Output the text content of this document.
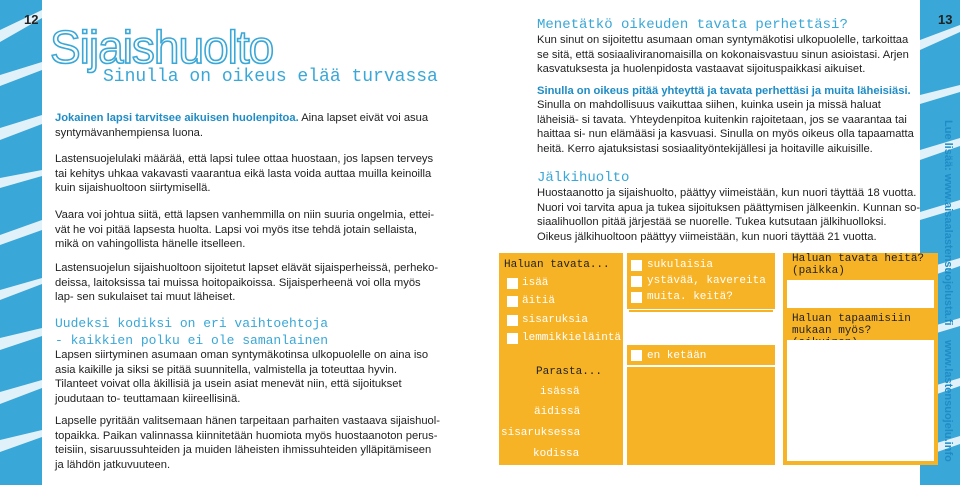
12	13
Sijaishuolto
Sinulla on oikeus elää turvassa
Jokainen lapsi tarvitsee aikuisen huolenpitoa. Aina lapset eivät voi asua syntymävanhempiensa luona.
Lastensuojelulaki määrää, että lapsi tulee ottaa huostaan, jos lapsen terveys tai kehitys uhkaa vakavasti vaarantua eikä lasta voida auttaa muilla keinoilla kuin sijaishuoltoon siirtymisellä.
Vaara voi johtua siitä, että lapsen vanhemmilla on niin suuria ongelmia, ettei- vät he voi pitää lapsesta huolta. Lapsi voi myös itse tehdä jotain sellaista, mikä on vahingollista hänelle itselleen.
Lastensuojelun sijaishuoltoon sijoitetut lapset elävät sijaisperheissä, perheko- deissa, laitoksissa tai muissa hoitopaikoissa. Sijaisperheenä voi olla myös lap- sen sukulaiset tai muut läheiset.
Uudeksi kodiksi on eri vaihtoehtoja
- kaikkien polku ei ole samanlainen
Lapsen siirtyminen asumaan oman syntymäkotinsa ulkopuolelle on aina iso asia kaikille ja siksi se pitää suunnitella, valmistella ja toteuttaa hyvin. Tilanteet voivat olla äkillisiä ja usein asiat menevät niin, että sijoitukset joudutaan to- teuttamaan kiireellisinä.
Lapselle pyritään valitsemaan hänen tarpeitaan parhaiten vastaava sijaishuol- topaikka. Paikan valinnassa kiinnitetään huomiota myös huostaanoton perus- teisiin, sisaruussuhteiden ja muiden läheisten ihmissuhteiden ylläpitämiseen ja lähdön jatkuvuuteen.
Menetätkö oikeuden tavata perhettäsi?
Kun sinut on sijoitettu asumaan oman syntymäkotisi ulkopuolelle, tarkoittaa se sitä, että sosiaaliviranomaisilla on kokonaisvastuu sinun asioistasi. Arjen kasvatuksesta ja huolenpidosta vastaavat sijoituspaikkasi aikuiset.
Sinulla on oikeus pitää yhteyttä ja tavata perhettäsi ja muita läheisiäsi.
Sinulla on mahdollisuus vaikuttaa siihen, kuinka usein ja missä haluat läheisiä- si tavata. Yhteydenpitoa kuitenkin rajoitetaan, jos se vaarantaa tai haittaa si- nun elämääsi ja kasvuasi. Sinulla on myös oikeus olla tapaamatta heitä. Kerro ajatuksistasi sosiaalityöntekijällesi ja hoitaville aikuisille.
Jälkihuolto
Huostaanotto ja sijaishuolto, päättyy viimeistään, kun nuori täyttää 18 vuotta. Nuori voi tarvita apua ja tukea sijoituksen päättymisen jälkeenkin. Kunnan so- siaalihuollon pitää järjestää se nuorelle. Tukea kutsutaan jälkihuolloksi. Oikeus jälkihuoltoon päättyy viimeistään, kun nuori täyttää 21 vuotta.
Haluan tavata...
isää
äitiä
sisaruksia
lemmikkieläintä
Parasta...
isässä
äidissä
sisaruksessa
kodissa
sukulaisia
ystävää, kavereita
muita. keitä?
en ketään
Haluan tavata heitä? (paikka)
Haluan tapaamisiin mukaan myös?
Lue lisää: www.aisaalastensuojelusta.fi
www.lastensuojelu.info
